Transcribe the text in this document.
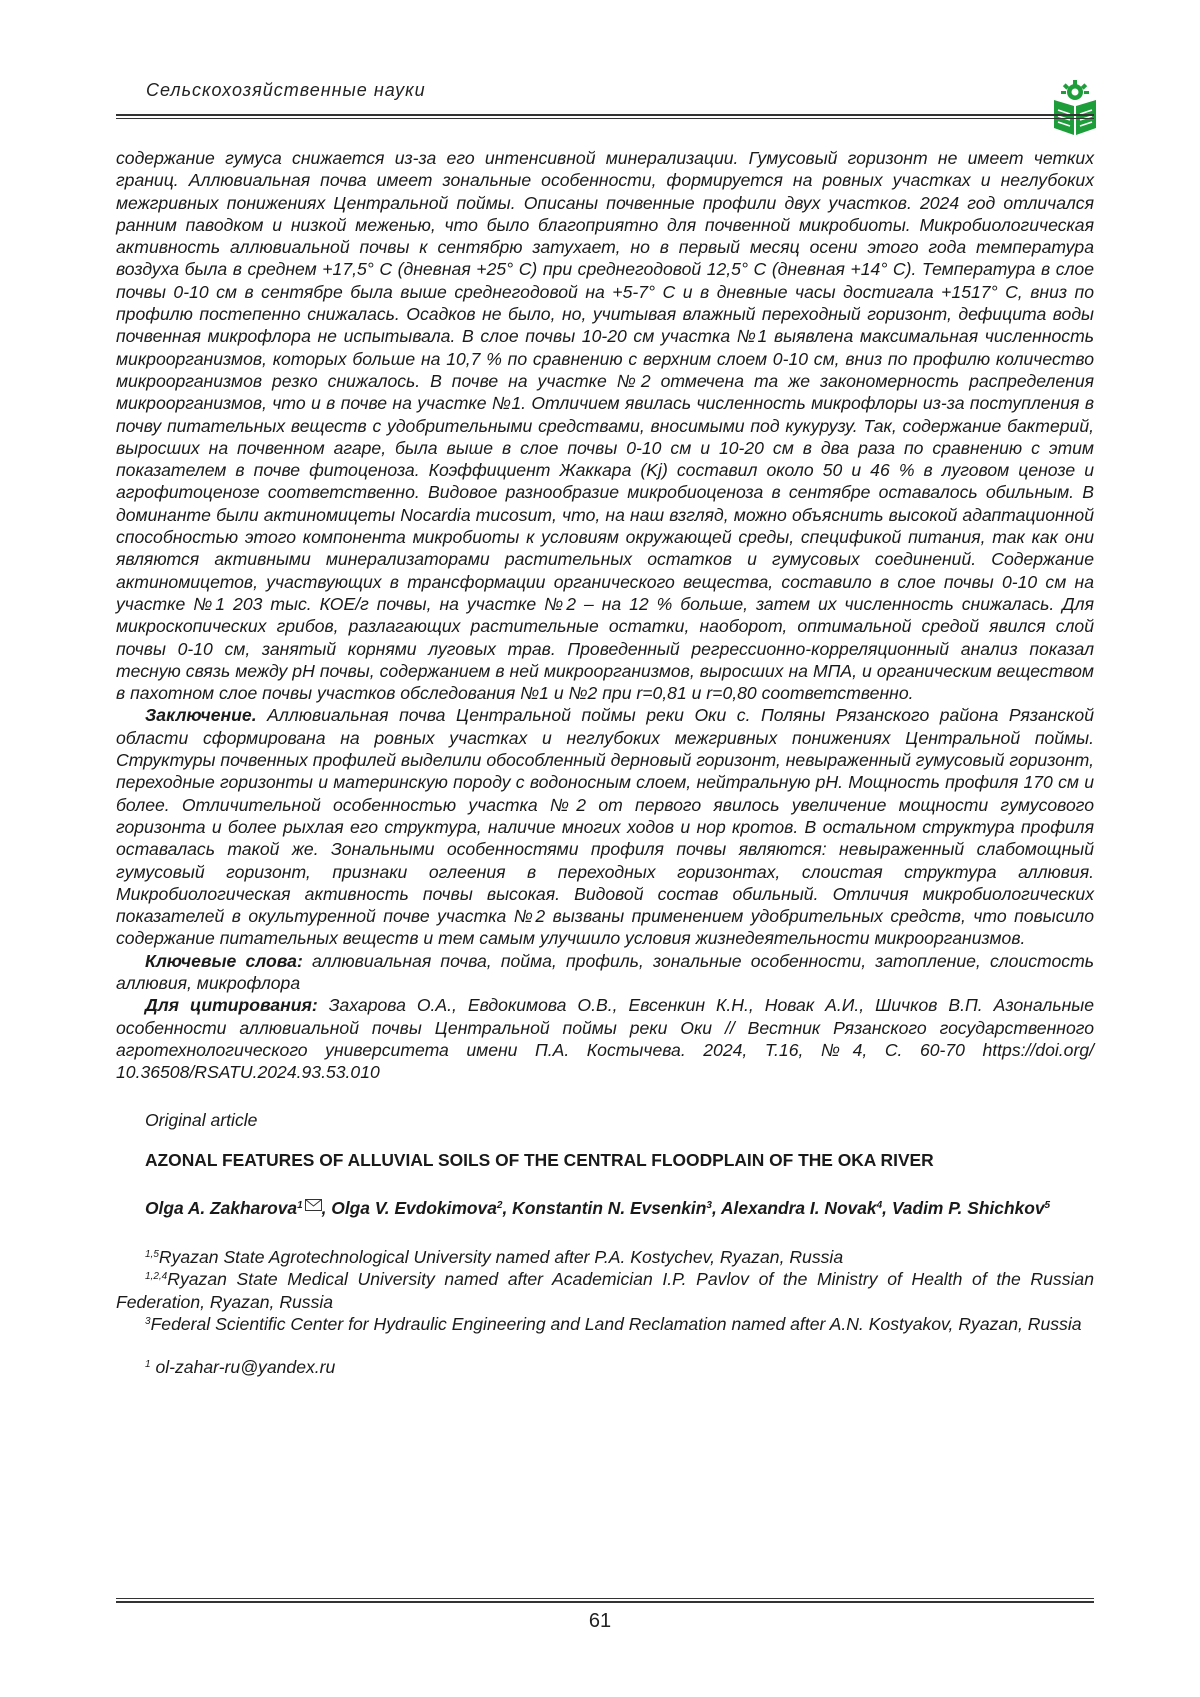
Сельскохозяйственные науки

содержание гумуса снижается из-за его интенсивной минерализации. Гумусовый горизонт не имеет четких границ. Аллювиальная почва имеет зональные особенности, формируется на ровных участках и неглубоких межгривных понижениях Центральной поймы. Описаны почвенные профили двух участков. 2024 год отличался ранним паводком и низкой меженью, что было благоприятно для почвенной микробиоты. Микробиологическая активность аллювиальной почвы к сентябрю затухает, но в первый месяц осени этого года температура воздуха была в среднем +17,5° С (дневная +25° С) при среднегодовой 12,5° С (дневная +14° С). Температура в слое почвы 0-10 см в сентябре была выше среднегодовой на +5-7° С и в дневные часы достигала +1517° С, вниз по профилю постепенно снижалась. Осадков не было, но, учитывая влажный переходный горизонт, дефицита воды почвенная микрофлора не испытывала. В слое почвы 10-20 см участка №1 выявлена максимальная численность микроорганизмов, которых больше на 10,7 % по сравнению с верхним слоем 0-10 см, вниз по профилю количество микроорганизмов резко снижалось. В почве на участке №2 отмечена та же закономерность распределения микроорганизмов, что и в почве на участке №1. Отличием явилась численность микрофлоры из-за поступления в почву питательных веществ с удобрительными средствами, вносимыми под кукурузу. Так, содержание бактерий, выросших на почвенном агаре, была выше в слое почвы 0-10 см и 10-20 см в два раза по сравнению с этим показателем в почве фитоценоза. Коэффициент Жаккара (Kj) составил около 50 и 46 % в луговом ценозе и агрофитоценозе соответственно. Видовое разнообразие микробиоценоза в сентябре оставалось обильным. В доминанте были актиномицеты Nocardia mucosum, что, на наш взгляд, можно объяснить высокой адаптационной способностью этого компонента микробиоты к условиям окружающей среды, спецификой питания, так как они являются активными минерализаторами растительных остатков и гумусовых соединений. Содержание актиномицетов, участвующих в трансформации органического вещества, составило в слое почвы 0-10 см на участке №1 203 тыс. КОЕ/г почвы, на участке №2 – на 12 % больше, затем их численность снижалась. Для микроскопических грибов, разлагающих растительные остатки, наоборот, оптимальной средой явился слой почвы 0-10 см, занятый корнями луговых трав. Проведенный регрессионно-корреляционный анализ показал тесную связь между pH почвы, содержанием в ней микроорганизмов, выросших на МПА, и органическим веществом в пахотном слое почвы участков обследования №1 и №2 при r=0,81 и r=0,80 соответственно.

Заключение. Аллювиальная почва Центральной поймы реки Оки с. Поляны Рязанского района Рязанской области сформирована на ровных участках и неглубоких межгривных понижениях Центральной поймы. Структуры почвенных профилей выделили обособленный дерновый горизонт, невыраженный гумусовый горизонт, переходные горизонты и материнскую породу с водоносным слоем, нейтральную pH. Мощность профиля 170 см и более. Отличительной особенностью участка №2 от первого явилось увеличение мощности гумусового горизонта и более рыхлая его структура, наличие многих ходов и нор кротов. В остальном структура профиля оставалась такой же. Зональными особенностями профиля почвы являются: невыраженный слабомощный гумусовый горизонт, признаки оглеения в переходных горизонтах, слоистая структура аллювия. Микробиологическая активность почвы высокая. Видовой состав обильный. Отличия микробиологических показателей в окультуренной почве участка №2 вызваны применением удобрительных средств, что повысило содержание питательных веществ и тем самым улучшило условия жизнедеятельности микроорганизмов.

Ключевые слова: аллювиальная почва, пойма, профиль, зональные особенности, затопление, слоистость аллювия, микрофлора

Для цитирования: Захарова О.А., Евдокимова О.В., Евсенкин К.Н., Новак А.И., Шичков В.П. Азональные особенности аллювиальной почвы Центральной поймы реки Оки // Вестник Рязанского государственного агротехнологического университета имени П.А. Костычева. 2024, Т.16, №4, С. 60-70 https://doi.org/ 10.36508/RSATU.2024.93.53.010

Original article

AZONAL FEATURES OF ALLUVIAL SOILS OF THE CENTRAL FLOODPLAIN OF THE OKA RIVER

Olga A. Zakharova$^1$ , Olga V. Evdokimova$^2$, Konstantin N. Evsenkin$^3$, Alexandra I. Novak$^4$, Vadim P. Shichkov$^5$

$^{1,5}$Ryazan State Agrotechnological University named after P.A. Kostychev, Ryazan, Russia

$^{1,2,4}$Ryazan State Medical University named after Academician I.P. Pavlov of the Ministry of Health of the Russian Federation, Ryazan, Russia

$^3$Federal Scientific Center for Hydraulic Engineering and Land Reclamation named after A.N. Kostyakov, Ryazan, Russia

$^1$ ol-zahar-ru@yandex.ru

61
